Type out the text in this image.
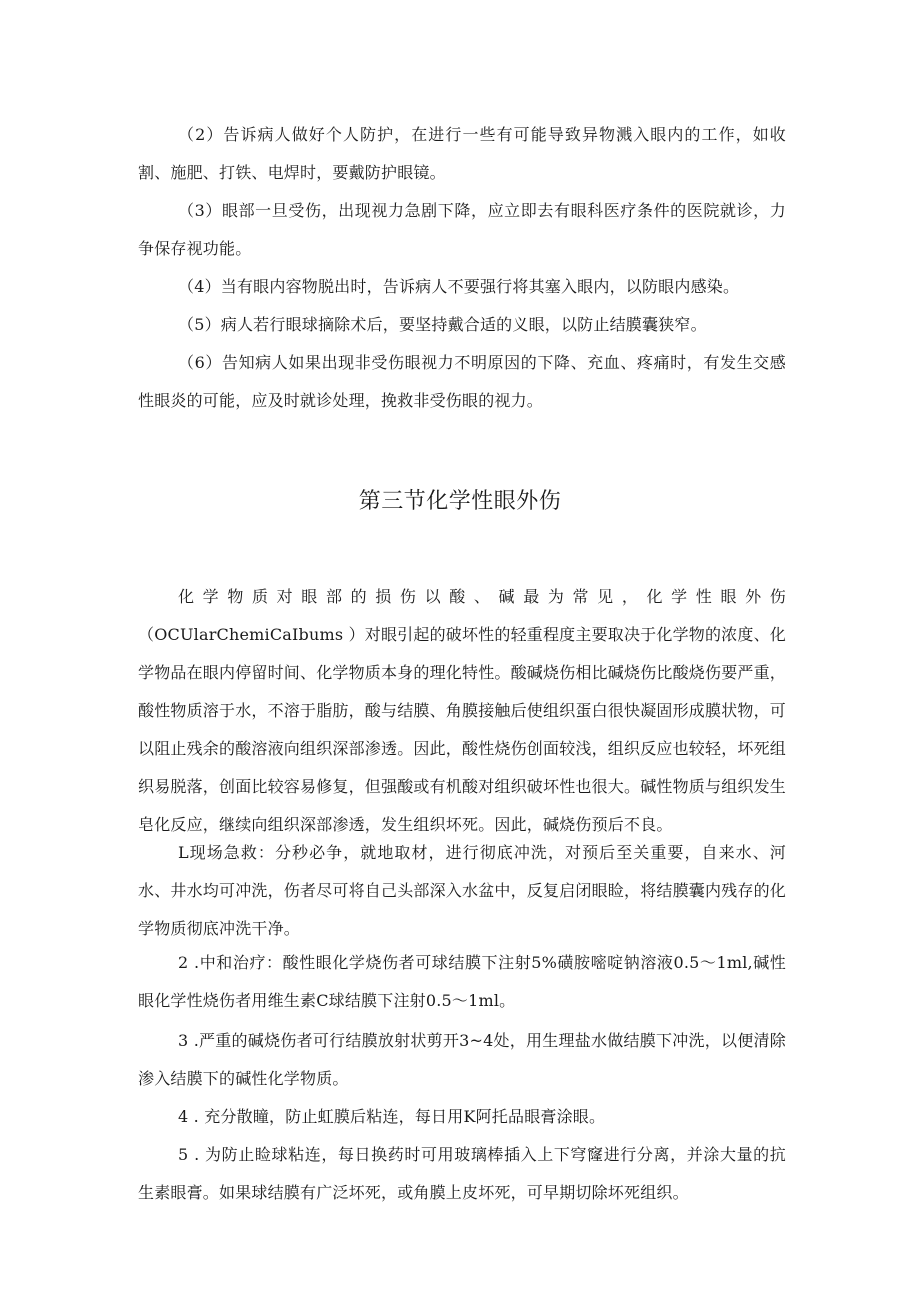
（2）告诉病人做好个人防护，在进行一些有可能导致异物溅入眼内的工作，如收割、施肥、打铁、电焊时，要戴防护眼镜。

（3）眼部一旦受伤，出现视力急剧下降，应立即去有眼科医疗条件的医院就诊，力争保存视功能。

（4）当有眼内容物脱出时，告诉病人不要强行将其塞入眼内，以防眼内感染。

（5）病人若行眼球摘除术后，要坚持戴合适的义眼，以防止结膜囊狭窄。

（6）告知病人如果出现非受伤眼视力不明原因的下降、充血、疼痛时，有发生交感性眼炎的可能，应及时就诊处理，挽救非受伤眼的视力。

第三节化学性眼外伤

化学物质对眼部的损伤以酸、碱最为常见，化学性眼外伤（OCUlarChemiCaIbums ）对眼引起的破坏性的轻重程度主要取决于化学物的浓度、化学物品在眼内停留时间、化学物质本身的理化特性。酸碱烧伤相比碱烧伤比酸烧伤要严重，酸性物质溶于水，不溶于脂肪，酸与结膜、角膜接触后使组织蛋白很快凝固形成膜状物，可以阻止残余的酸溶液向组织深部渗透。因此，酸性烧伤创面较浅，组织反应也较轻，坏死组织易脱落，创面比较容易修复，但强酸或有机酸对组织破坏性也很大。碱性物质与组织发生皂化反应，继续向组织深部渗透，发生组织坏死。因此，碱烧伤预后不良。

L现场急救：分秒必争，就地取材，进行彻底冲洗，对预后至关重要，自来水、河水、井水均可冲洗，伤者尽可将自己头部深入水盆中，反复启闭眼睑，将结膜囊内残存的化学物质彻底冲洗干净。

2 .中和治疗：酸性眼化学烧伤者可球结膜下注射5%磺胺嘧啶钠溶液0.5～1ml,碱性眼化学性烧伤者用维生素C球结膜下注射0.5～1ml。

3 .严重的碱烧伤者可行结膜放射状剪开3~4处，用生理盐水做结膜下冲洗，以便清除渗入结膜下的碱性化学物质。

4 . 充分散瞳，防止虹膜后粘连，每日用K阿托品眼膏涂眼。

5 . 为防止睑球粘连，每日换药时可用玻璃棒插入上下穹窿进行分离，并涂大量的抗生素眼膏。如果球结膜有广泛坏死，或角膜上皮坏死，可早期切除坏死组织。
